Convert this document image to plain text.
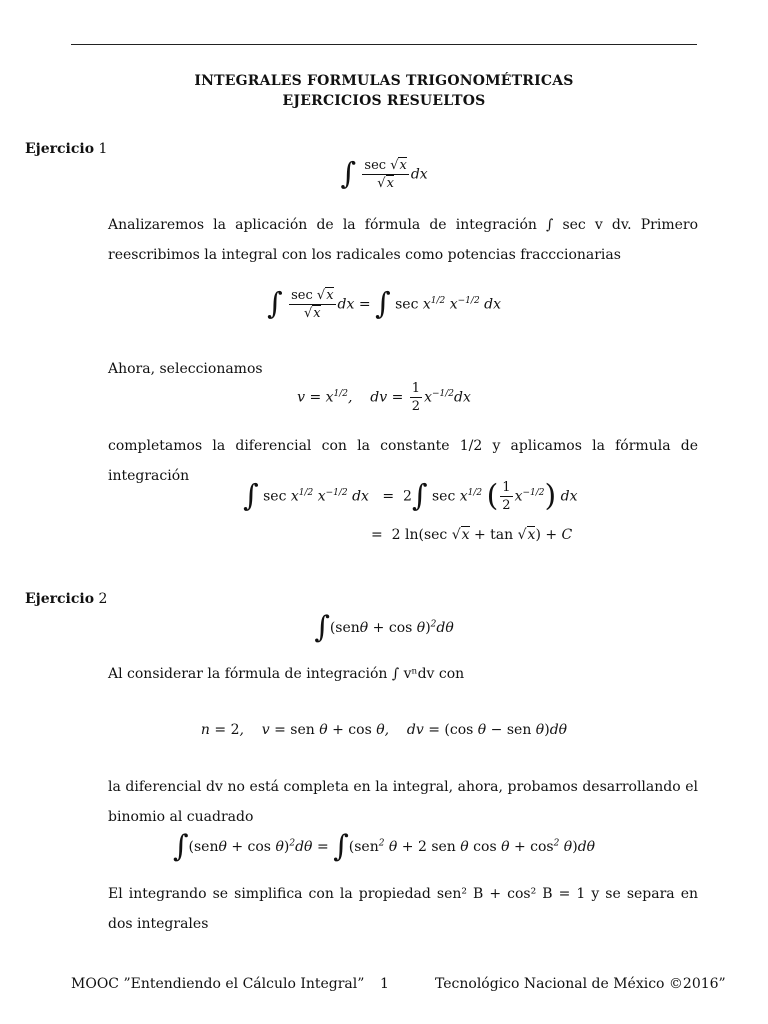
INTEGRALES FORMULAS TRIGONOMÉTRICAS
EJERCICIOS RESUELTOS
Ejercicio 1
∫ $\frac{\sec √x}{√x}$ dx
Analizaremos la aplicación de la fórmula de integración ∫ sec v dv. Primero reescribimos la integral con los radicales como potencias fracccionarias
∫ $\frac{\sec √x}{√x}$ dx = ∫ $\sec x^{1/2}$ $x^{-1/2}$ dx
Ahora, seleccionamos
$v = x^{1/2}$,    dv = $\frac{1}{2} x^{-1/2}dx$
completamos la diferencial con la constante 1/2 y aplicamos la fórmula de integración
∫ $\sec x^{1/2}$ $x^{-1/2}$ dx   = 2∫ $\sec x^{1/2}$ ( $\frac{1}{2} x^{-1/2}$) dx
= 2 ln(sec √x + tan √x) + C
Ejercicio 2
$\int(sen\theta + \cos \theta)^2d\theta$
Al considerar la fórmula de integración ∫ vⁿdv con
n = 2,    v = sen θ + cos θ,    dv = (cos θ − sen θ)dθ
la diferencial dv no está completa en la integral, ahora, probamos desarrollando el binomio al cuadrado
$\int(sen\theta + \cos \theta)^2d\theta = \int(sen^2$ θ + 2 sen θ $\cos \theta + \cos^2 \theta)d\theta$
El integrando se simplifica con la propiedad sen² B + cos² B = 1 y se separa en dos integrales
MOOC ”Entendiendo el Cálculo Integral” 1	Tecnológico Nacional de México ©2016”
